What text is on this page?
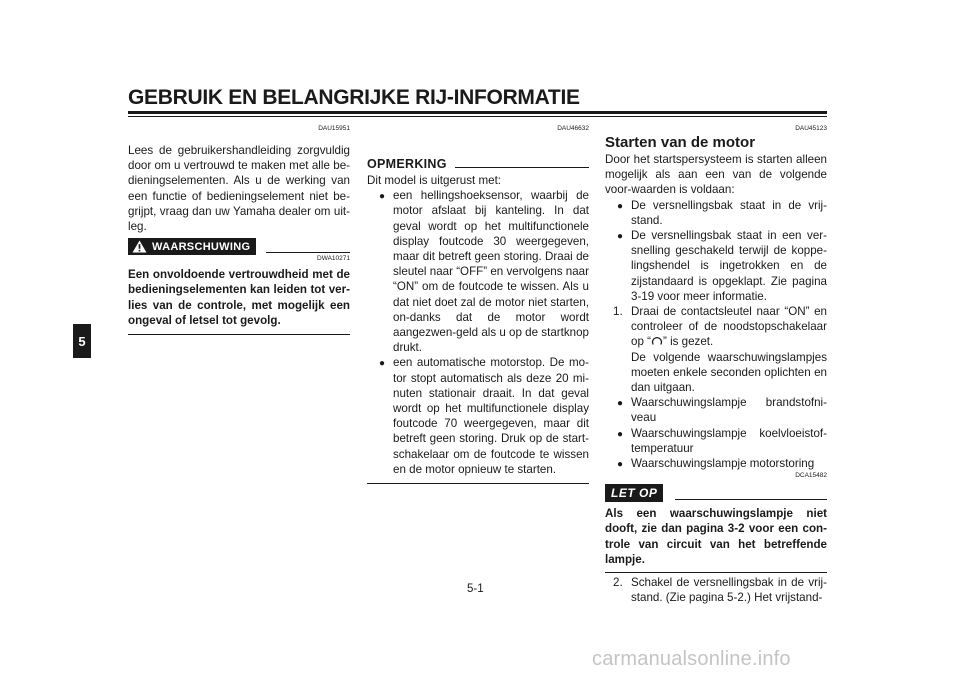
GEBRUIK EN BELANGRIJKE RIJ-INFORMATIE
5
DAU15951

Lees de gebruikershandleiding zorgvuldig door om u vertrouwd te maken met alle be-dieningselementen. Als u de werking van een functie of bedieningselement niet be-grijpt, vraag dan uw Yamaha dealer om uit-leg.

WAARSCHUWING
DWA10271

Een onvoldoende vertrouwdheid met de bedieningselementen kan leiden tot ver-lies van de controle, met mogelijk een ongeval of letsel tot gevolg.

DAU46632
OPMERKING

Dit model is uitgerust met:

●
een hellingshoeksensor, waarbij de motor afslaat bij kanteling. In dat geval wordt op het multifunctionele display foutcode 30 weergegeven, maar dit betreft geen storing. Draai de sleutel naar “OFF” en vervolgens naar “ON” om de foutcode te wissen. Als u dat niet doet zal de motor niet starten, on-danks dat de motor wordt aangezwen-geld als u op de startknop drukt.
●
een automatische motorstop. De mo-tor stopt automatisch als deze 20 mi-nuten stationair draait. In dat geval wordt op het multifunctionele display foutcode 70 weergegeven, maar dit betreft geen storing. Druk op de start-schakelaar om de foutcode te wissen en de motor opnieuw te starten.
DAU45123
Starten van de motor

Door het startspersysteem is starten alleen mogelijk als aan een van de volgende voor-waarden is voldaan:

●
De versnellingsbak staat in de vrij-stand.
●
De versnellingsbak staat in een ver-snelling geschakeld terwijl de koppe-lingshendel is ingetrokken en de zijstandaard is opgeklapt. Zie pagina 3-19 voor meer informatie.
1. Draai de contactsleutel naar “ON” en controleer of de noodstopschakelaar op “ ” is gezet.
De volgende waarschuwingslampjes moeten enkele seconden oplichten en dan uitgaan.
●
Waarschuwingslampje brandstofni-veau
●
Waarschuwingslampje koelvloeistof-temperatuur
●
Waarschuwingslampje motorstoring
DCA15482
LET OP

Als een waarschuwingslampje niet dooft, zie dan pagina 3-2 voor een con-trole van circuit van het betreffende lampje.

2. Schakel de versnellingsbak in de vrij-stand. (Zie pagina 5-2.) Het vrijstand-
5-1
carmanualsonline.info
